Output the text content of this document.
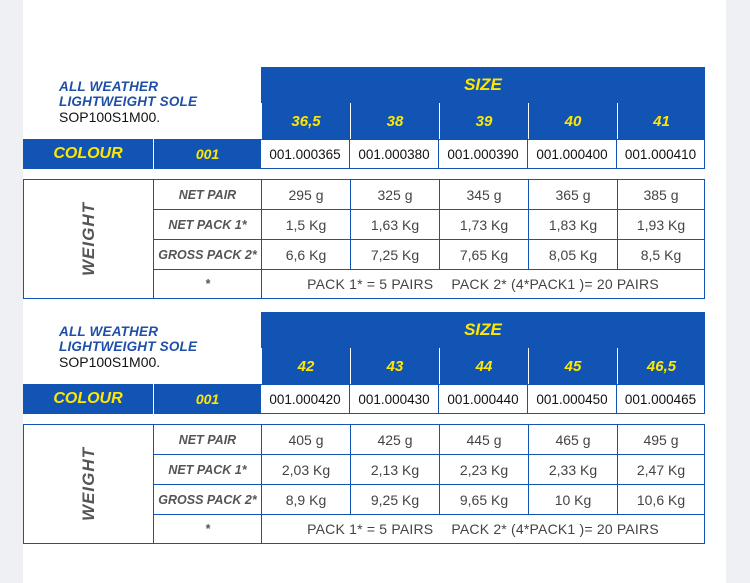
ALL WEATHER
LIGHTWEIGHT SOLE
SOP100S1M00.
SIZE
36,5	38	39	40	41
COLOUR	001	001.000365	001.000380	001.000390	001.000400	001.000410
WEIGHT
NET PAIR	295 g	325 g	345 g	365 g	385 g
NET PACK 1*	1,5 Kg	1,63 Kg	1,73 Kg	1,83 Kg	1,93 Kg
GROSS PACK 2*	6,6 Kg	7,25 Kg	7,65 Kg	8,05 Kg	8,5 Kg
*	PACK 1* = 5 PAIRS PACK 2* (4*PACK1 )= 20 PAIRS
ALL WEATHER
LIGHTWEIGHT SOLE
SOP100S1M00.
SIZE
42	43	44	45	46,5
COLOUR	001	001.000420	001.000430	001.000440	001.000450	001.000465
WEIGHT
NET PAIR	405 g	425 g	445 g	465 g	495 g
NET PACK 1*	2,03 Kg	2,13 Kg	2,23 Kg	2,33 Kg	2,47 Kg
GROSS PACK 2*	8,9 Kg	9,25 Kg	9,65 Kg	10 Kg	10,6 Kg
*	PACK 1* = 5 PAIRS PACK 2* (4*PACK1 )= 20 PAIRS
